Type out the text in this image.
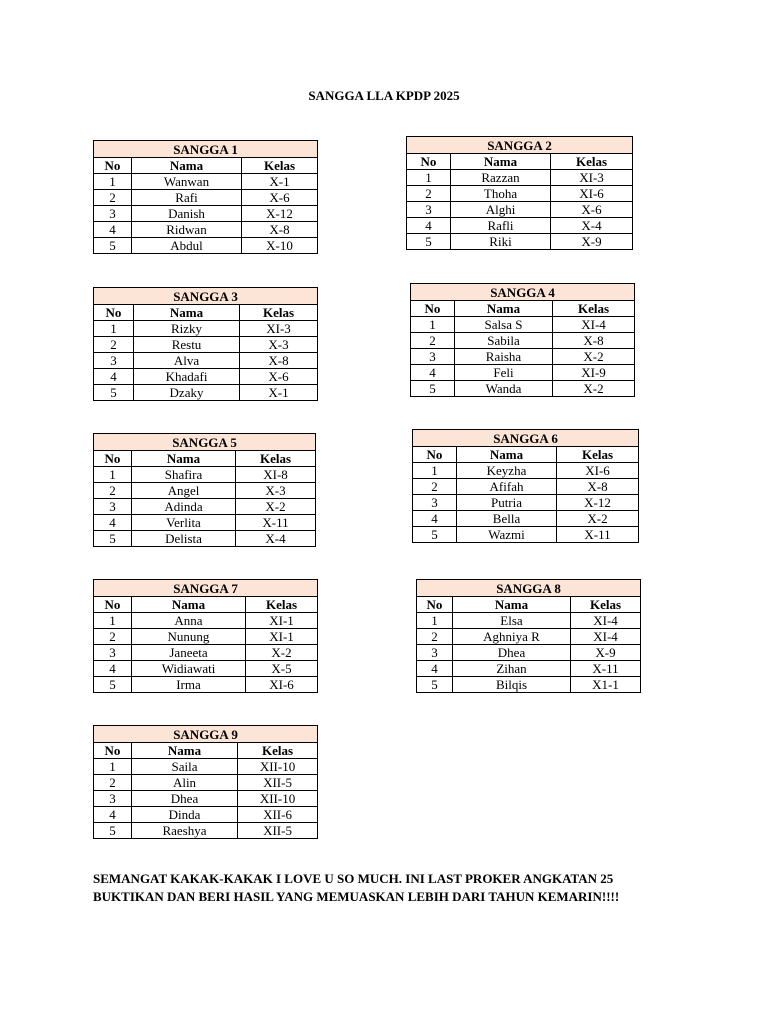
SANGGA LLA KPDP 2025
SANGGA 1		
No	Nama	Kelas
1	Wanwan	X-1
2	Rafi	X-6
3	Danish	X-12
4	Ridwan	X-8
5	Abdul	X-10
SANGGA 2		
No	Nama	Kelas
1	Razzan	XI-3
2	Thoha	XI-6
3	Alghi	X-6
4	Rafli	X-4
5	Riki	X-9
SANGGA 3		
No	Nama	Kelas
1	Rizky	XI-3
2	Restu	X-3
3	Alva	X-8
4	Khadafi	X-6
5	Dzaky	X-1
SANGGA 4		
No	Nama	Kelas
1	Salsa S	XI-4
2	Sabila	X-8
3	Raisha	X-2
4	Feli	XI-9
5	Wanda	X-2
SANGGA 5		
No	Nama	Kelas
1	Shafira	XI-8
2	Angel	X-3
3	Adinda	X-2
4	Verlita	X-11
5	Delista	X-4
SANGGA 6		
No	Nama	Kelas
1	Keyzha	XI-6
2	Afifah	X-8
3	Putria	X-12
4	Bella	X-2
5	Wazmi	X-11
SANGGA 7		
No	Nama	Kelas
1	Anna	XI-1
2	Nunung	XI-1
3	Janeeta	X-2
4	Widiawati	X-5
5	Irma	XI-6
SANGGA 8		
No	Nama	Kelas
1	Elsa	XI-4
2	Aghniya R	XI-4
3	Dhea	X-9
4	Zihan	X-11
5	Bilqis	X1-1
SANGGA 9		
No	Nama	Kelas
1	Saila	XII-10
2	Alin	XII-5
3	Dhea	XII-10
4	Dinda	XII-6
5	Raeshya	XII-5
SEMANGAT KAKAK-KAKAK I LOVE U SO MUCH. INI LAST PROKER ANGKATAN 25
BUKTIKAN DAN BERI HASIL YANG MEMUASKAN LEBIH DARI TAHUN KEMARIN!!!!
